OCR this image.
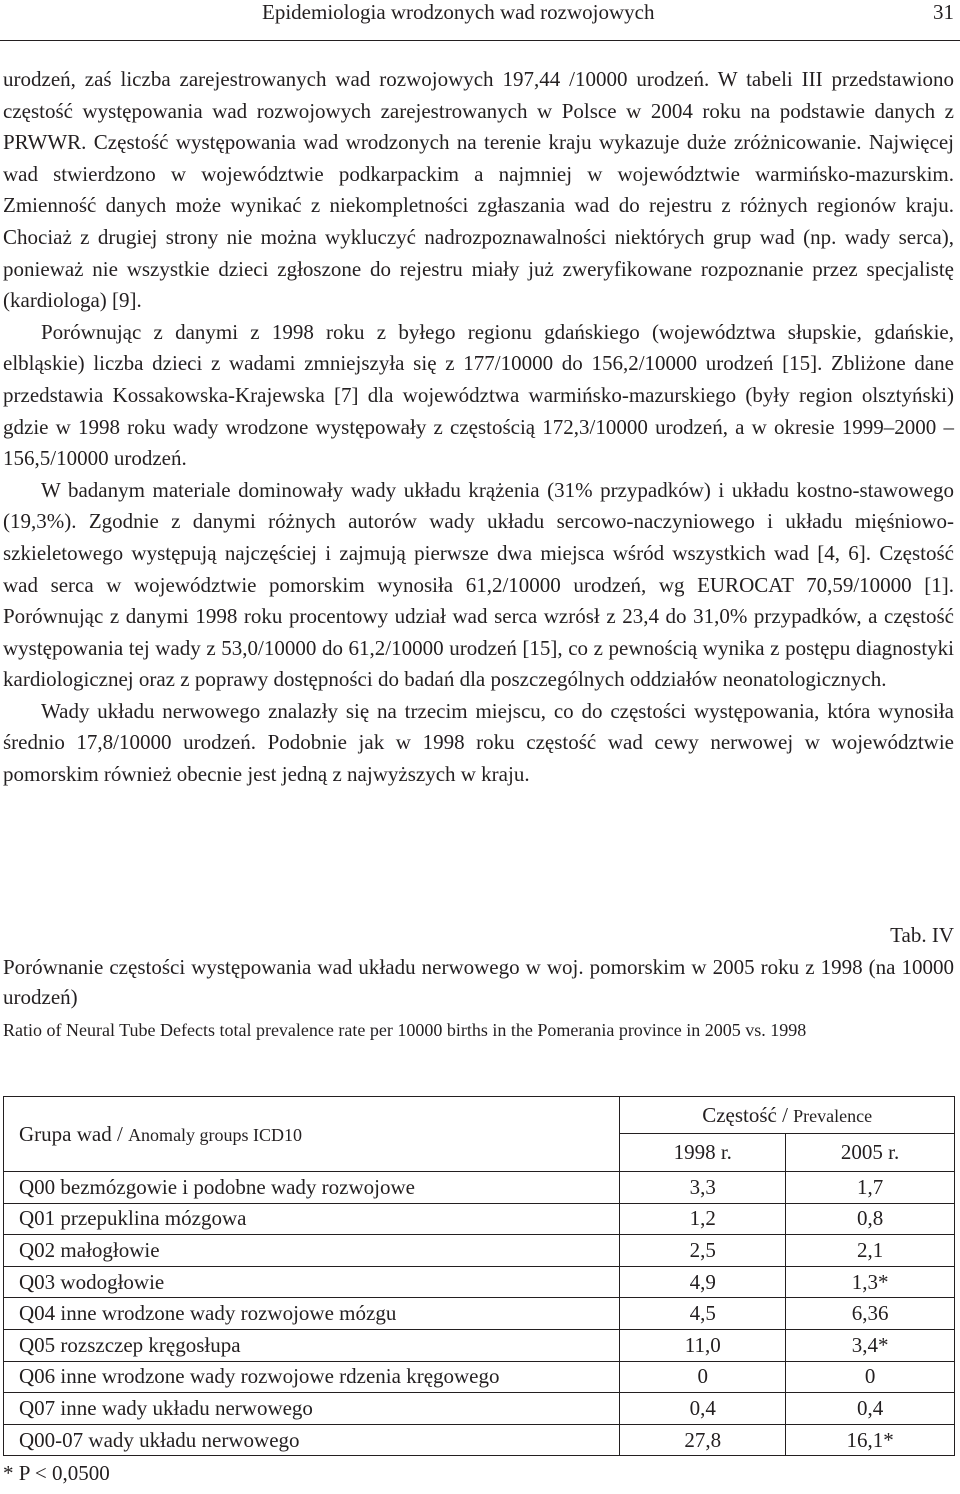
Epidemiologia wrodzonych wad rozwojowych	31

urodzeń, zaś liczba zarejestrowanych wad rozwojowych 197,44 /10000 urodzeń. W tabeli III przedstawiono częstość występowania wad rozwojowych zarejestrowanych w Polsce w 2004 roku na podstawie danych z PRWWR. Częstość występowania wad wrodzonych na terenie kraju wykazuje duże zróżnicowanie. Najwięcej wad stwierdzono w województwie podkarpackim a najmniej w województwie warmińsko-mazurskim. Zmienność danych może wynikać z niekompletności zgłaszania wad do rejestru z różnych regionów kraju. Chociaż z drugiej strony nie można wykluczyć nadrozpoznawalności niektórych grup wad (np. wady serca), ponieważ nie wszystkie dzieci zgłoszone do rejestru miały już zweryfikowane rozpoznanie przez specjalistę (kardiologa) [9].

Porównując z danymi z 1998 roku z byłego regionu gdańskiego (województwa słupskie, gdańskie, elbląskie) liczba dzieci z wadami zmniejszyła się z 177/10000 do 156,2/10000 urodzeń [15]. Zbliżone dane przedstawia Kossakowska-Krajewska [7] dla województwa warmińsko-mazurskiego (były region olsztyński) gdzie w 1998 roku wady wrodzone występowały z częstością 172,3/10000 urodzeń, a w okresie 1999–2000 – 156,5/10000 urodzeń.

W badanym materiale dominowały wady układu krążenia (31% przypadków) i układu kostno-stawowego (19,3%). Zgodnie z danymi różnych autorów wady układu sercowo-naczyniowego i układu mięśniowo-szkieletowego występują najczęściej i zajmują pierwsze dwa miejsca wśród wszystkich wad [4, 6]. Częstość wad serca w województwie pomorskim wynosiła 61,2/10000 urodzeń, wg EUROCAT 70,59/10000 [1]. Porównując z danymi 1998 roku procentowy udział wad serca wzrósł z 23,4 do 31,0% przypadków, a częstość występowania tej wady z 53,0/10000 do 61,2/10000 urodzeń [15], co z pewnością wynika z postępu diagnostyki kardiologicznej oraz z poprawy dostępności do badań dla poszczególnych oddziałów neonatologicznych.

Wady układu nerwowego znalazły się na trzecim miejscu, co do częstości występowania, która wynosiła średnio 17,8/10000 urodzeń. Podobnie jak w 1998 roku częstość wad cewy nerwowej w województwie pomorskim również obecnie jest jedną z najwyższych w kraju.

Tab. IV
Porównanie częstości występowania wad układu nerwowego w woj. pomorskim w 2005 roku z 1998 (na 10000 urodzeń)
Ratio of Neural Tube Defects total prevalence rate per 10000 births in the Pomerania province in 2005 vs. 1998
Grupa wad / Anomaly groups ICD10	Częstość / Prevalence	
	1998 r.	2005 r.
Q00 bezmózgowie i podobne wady rozwojowe	3,3	1,7
Q01 przepuklina mózgowa	1,2	0,8
Q02 małogłowie	2,5	2,1
Q03 wodogłowie	4,9	1,3*
Q04 inne wrodzone wady rozwojowe mózgu	4,5	6,36
Q05 rozszczep kręgosłupa	11,0	3,4*
Q06 inne wrodzone wady rozwojowe rdzenia kręgowego	0	0
Q07 inne wady układu nerwowego	0,4	0,4
Q00-07 wady układu nerwowego	27,8	16,1*
* P < 0,0500
